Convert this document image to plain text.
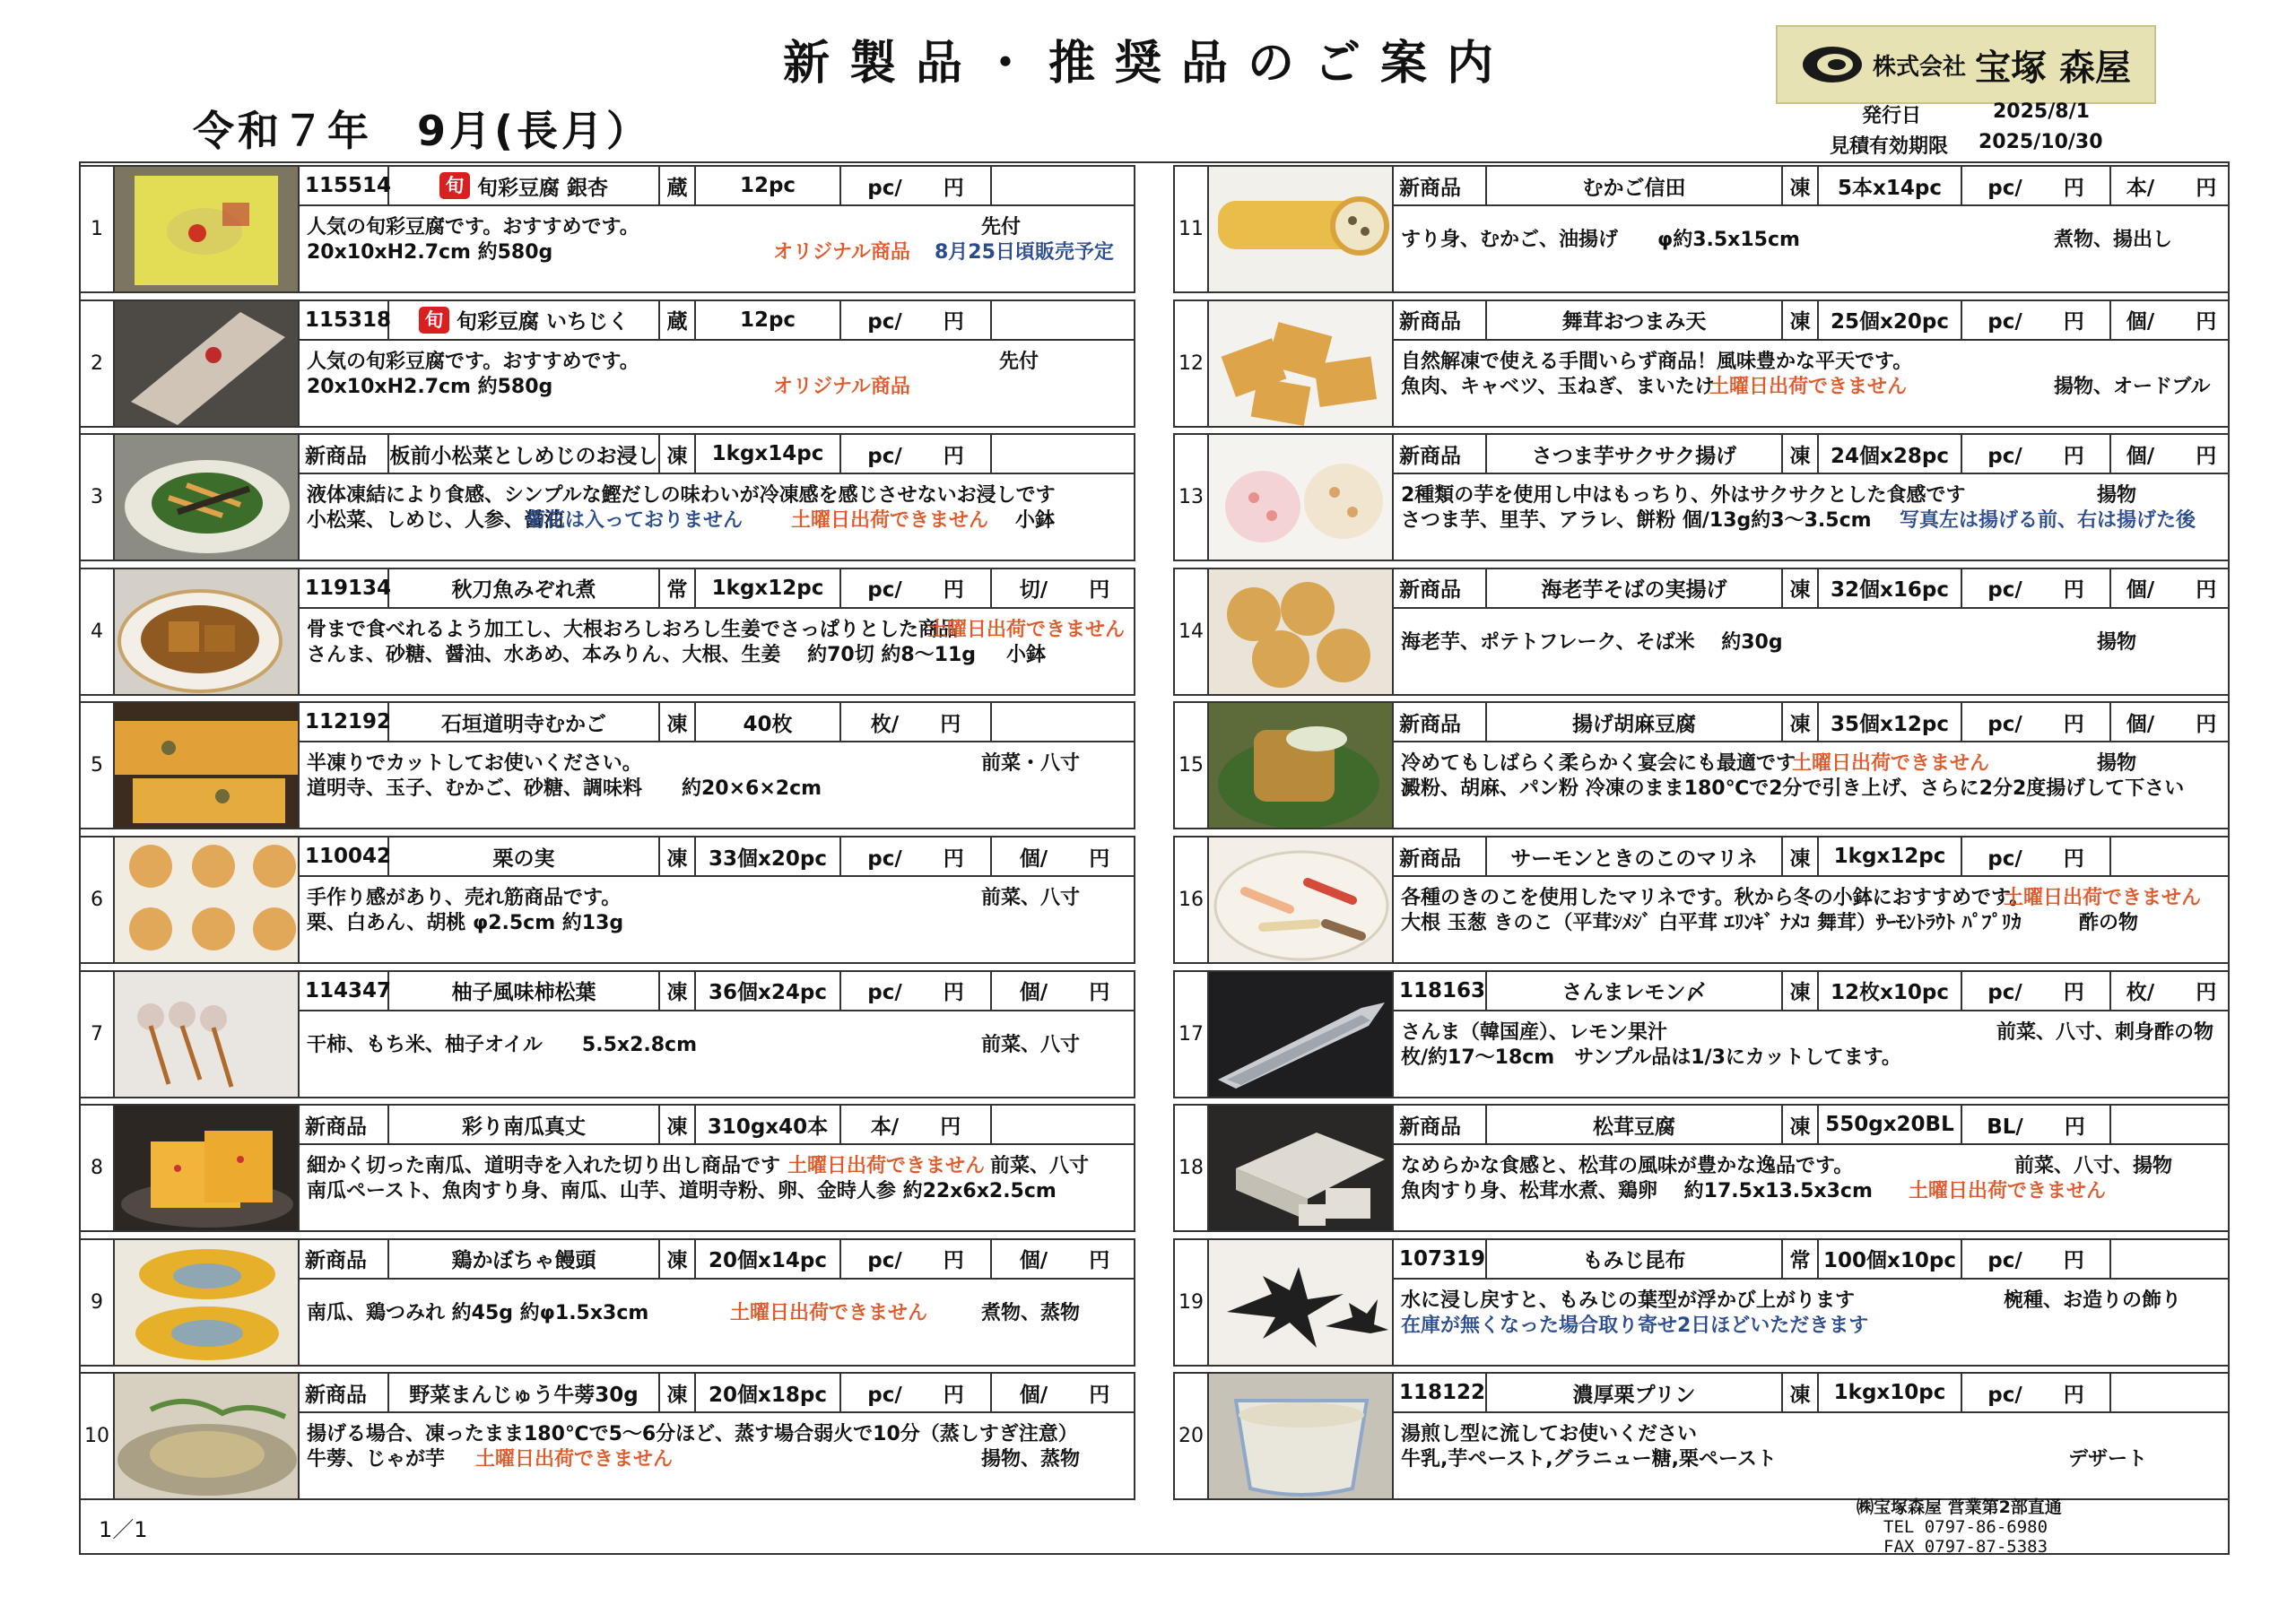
新製品・推奨品のご案内
令和７年　9月(長月）
株式会社 宝塚 森屋
発行日	2025/8/1
見積有効期限 2025/10/30
1
115514	旬 旬彩豆腐 銀杏	蔵	12pc	pc/　　円
人気の旬彩豆腐です。おすすめです。	先付
20x10xH2.7cm 約580g	オリジナル商品 8月25日頃販売予定
2
115318	旬 旬彩豆腐 いちじく	蔵	12pc	pc/　　円
人気の旬彩豆腐です。おすすめです。	先付
20x10xH2.7cm 約580g	オリジナル商品
3
新商品	板前小松菜としめじのお浸し 凍	1kgx14pc	pc/　　円
液体凍結により食感、シンプルな鰹だしの味わいが冷凍感を感じさせないお浸しです
小松菜、しめじ、人参、醤油
菊花は入っておりません 土曜日出荷できません 小鉢
4
119134	秋刀魚みぞれ煮	常	1kgx12pc	pc/　　円	切/　　円
骨まで食べれるよう加工し、大根おろしおろし生姜でさっぱりとした商品
土曜日出荷できません
さんま、砂糖、醤油、水あめ、本みりん、大根、生姜　 約70切 約8～11g 小鉢
5
112192	石垣道明寺むかご	凍	40枚	枚/　　円
半凍りでカットしてお使いください。	前菜・八寸
道明寺、玉子、むかご、砂糖、調味料　　約20×6×2cm
6
110042	栗の実	凍	33個x20pc	pc/　　円	個/　　円
手作り感があり、売れ筋商品です。	前菜、八寸
栗、白あん、胡桃 φ2.5cm 約13g
7
114347	柚子風味柿松葉	凍	36個x24pc	pc/　　円	個/　　円
干柿、もち米、柚子オイル　　5.5x2.8cm	前菜、八寸
8
新商品	彩り南瓜真丈	凍 310gx40本	本/　　円
細かく切った南瓜、道明寺を入れた切り出し商品です 土曜日出荷できません 前菜、八寸
南瓜ペースト、魚肉すり身、南瓜、山芋、道明寺粉、卵、金時人参 約22x6x2.5cm
9
新商品	鶏かぼちゃ饅頭	凍	20個x14pc	pc/　　円	個/　　円
南瓜、鶏つみれ 約45g 約φ1.5x3cm	土曜日出荷できません	煮物、蒸物
10
新商品	野菜まんじゅう牛蒡30g	凍	20個x18pc	pc/　　円	個/　　円
揚げる場合、凍ったまま180℃で5～6分ほど、蒸す場合弱火で10分（蒸しすぎ注意）
牛蒡、じゃが芋 土曜日出荷できません	揚物、蒸物
11
新商品	むかご信田	凍	5本x14pc	pc/　　円	本/　　円
すり身、むかご、油揚げ　　φ約3.5x15cm	煮物、揚出し
12
新商品	舞茸おつまみ天	凍 25個x20pc	pc/　　円	個/　　円
自然解凍で使える手間いらず商品！風味豊かな平天です。
魚肉、キャベツ、玉ねぎ、まいたけ
土曜日出荷できません	揚物、オードブル
13
新商品	さつま芋サクサク揚げ	凍 24個x28pc	pc/　　円	個/　　円
2種類の芋を使用し中はもっちり、外はサクサクとした食感です	揚物
さつま芋、里芋、アラレ、餅粉 個/13g約3～3.5cm 写真左は揚げる前、右は揚げた後
14
新商品	海老芋そばの実揚げ	凍 32個x16pc	pc/　　円	個/　　円
海老芋、ポテトフレーク、そば米　 約30g	揚物
15
新商品	揚げ胡麻豆腐	凍 35個x12pc	pc/　　円	個/　　円
冷めてもしばらく柔らかく宴会にも最適です
土曜日出荷できません	揚物
澱粉、胡麻、パン粉 冷凍のまま180℃で2分で引き上げ、さらに2分2度揚げして下さい
16
新商品	サーモンときのこのマリネ	凍	1kgx12pc	pc/　　円
各種のきのこを使用したマリネです。秋から冬の小鉢におすすめです。
土曜日出荷できません
大根 玉葱 きのこ（平茸ｼﾒｼﾞ 白平茸 ｴﾘﾝｷﾞ ﾅﾒｺ 舞茸）ｻｰﾓﾝﾄﾗｳﾄ ﾊﾟﾌﾟﾘｶ	酢の物
17
118163	さんまレモン〆	凍 12枚x10pc	pc/　　円	枚/　　円
さんま（韓国産）、レモン果汁	前菜、八寸、刺身酢の物
枚/約17～18cm　サンプル品は1/3にカットしてます。
18
新商品	松茸豆腐	凍 550gx20BL	BL/　　円
なめらかな食感と、松茸の風味が豊かな逸品です。	前菜、八寸、揚物
魚肉すり身、松茸水煮、鶏卵　 約17.5x13.5x3cm 土曜日出荷できません
19
107319	もみじ昆布	常 100個x10pc	pc/　　円
水に浸し戻すと、もみじの葉型が浮かび上がります	椀種、お造りの飾り
在庫が無くなった場合取り寄せ2日ほどいただきます
20
118122	濃厚栗プリン	凍	1kgx10pc	pc/　　円
湯煎し型に流してお使いください
牛乳,芋ペースト,グラニュー糖,栗ペースト	デザート
1／1
㈱宝塚森屋 営業第2部直通
TEL 0797-86-6980
FAX 0797-87-5383
